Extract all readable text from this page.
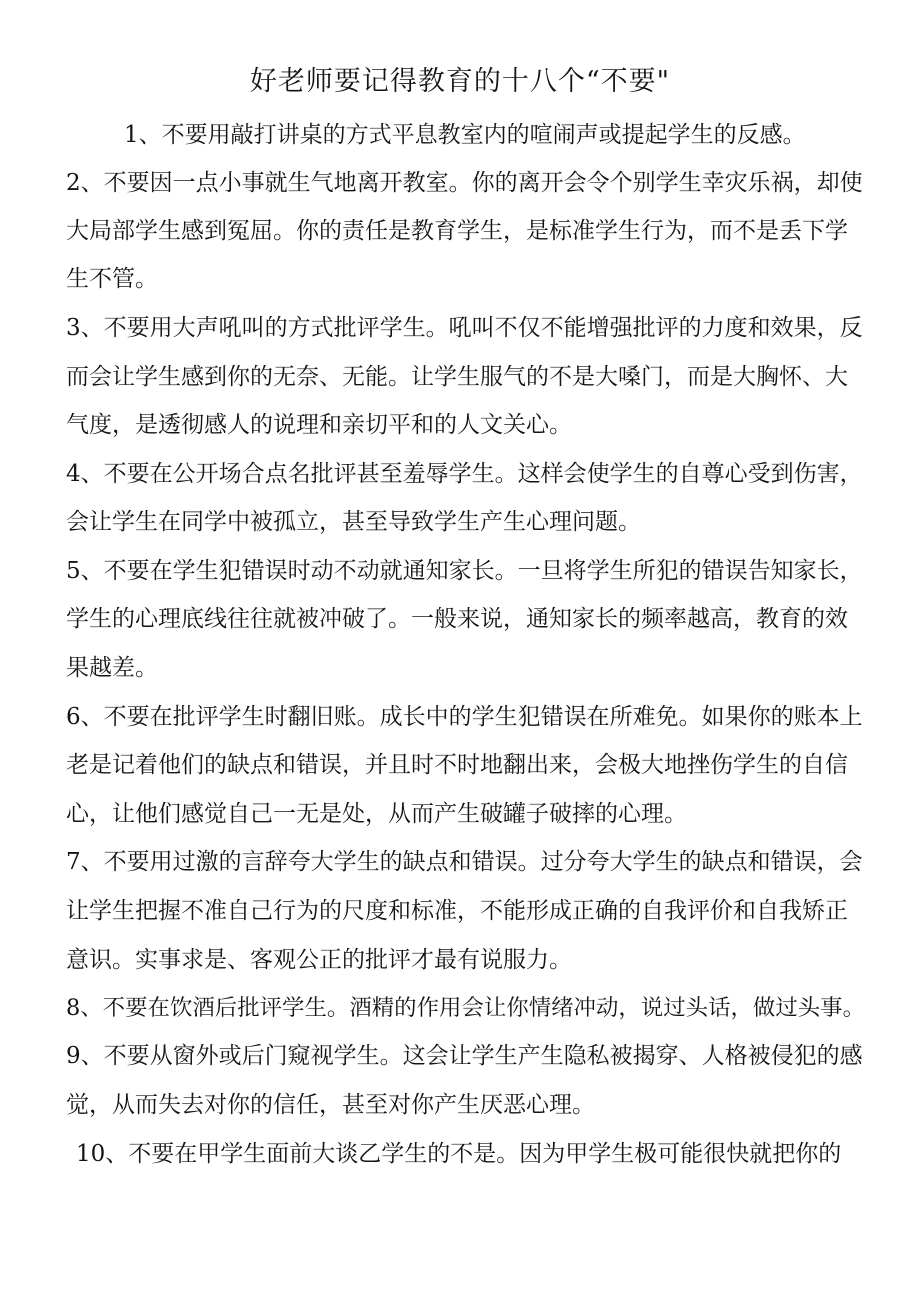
好老师要记得教育的十八个“不要"
1、不要用敲打讲桌的方式平息教室内的喧闹声或提起学生的反感。
2、不要因一点小事就生气地离开教室。你的离开会令个别学生幸灾乐祸，却使
大局部学生感到冤屈。你的责任是教育学生，是标准学生行为，而不是丢下学
生不管。
3、不要用大声吼叫的方式批评学生。吼叫不仅不能增强批评的力度和效果，反
而会让学生感到你的无奈、无能。让学生服气的不是大嗓门，而是大胸怀、大
气度，是透彻感人的说理和亲切平和的人文关心。
4、不要在公开场合点名批评甚至羞辱学生。这样会使学生的自尊心受到伤害，
会让学生在同学中被孤立，甚至导致学生产生心理问题。
5、不要在学生犯错误时动不动就通知家长。一旦将学生所犯的错误告知家长，
学生的心理底线往往就被冲破了。一般来说，通知家长的频率越高，教育的效
果越差。
6、不要在批评学生时翻旧账。成长中的学生犯错误在所难免。如果你的账本上
老是记着他们的缺点和错误，并且时不时地翻出来，会极大地挫伤学生的自信
心，让他们感觉自己一无是处，从而产生破罐子破摔的心理。
7、不要用过激的言辞夸大学生的缺点和错误。过分夸大学生的缺点和错误，会
让学生把握不准自己行为的尺度和标准，不能形成正确的自我评价和自我矫正
意识。实事求是、客观公正的批评才最有说服力。
8、不要在饮酒后批评学生。酒精的作用会让你情绪冲动，说过头话，做过头事。
9、不要从窗外或后门窥视学生。这会让学生产生隐私被揭穿、人格被侵犯的感
觉，从而失去对你的信任，甚至对你产生厌恶心理。
10、不要在甲学生面前大谈乙学生的不是。因为甲学生极可能很快就把你的
